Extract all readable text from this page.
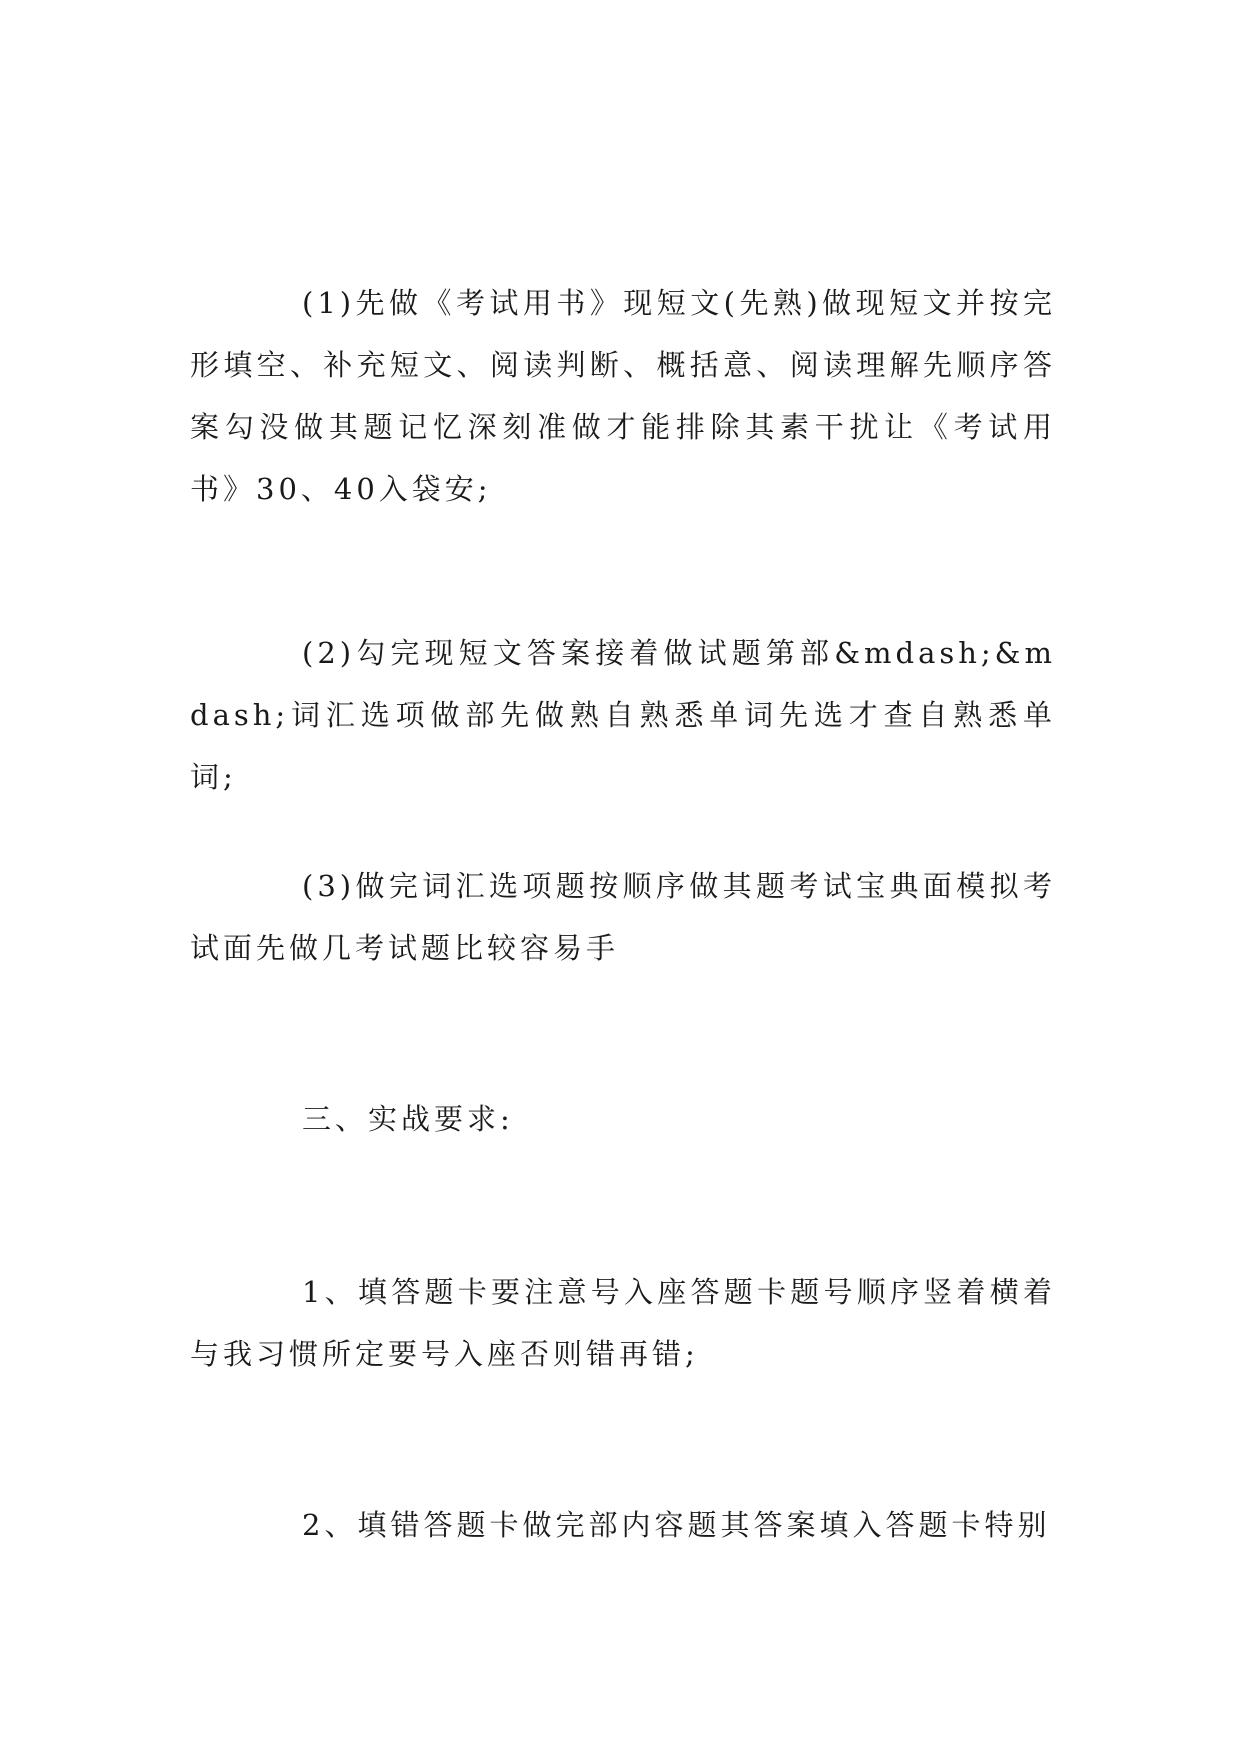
(1)先做《考试用书》现短文(先熟)做现短文并按完形填空、补充短文、阅读判断、概括意、阅读理解先顺序答案勾没做其题记忆深刻准做才能排除其素干扰让《考试用书》30、40入袋安;

(2)勾完现短文答案接着做试题第部&mdash;&mdash;词汇选项做部先做熟自熟悉单词先选才查自熟悉单词;

(3)做完词汇选项题按顺序做其题考试宝典面模拟考试面先做几考试题比较容易手

三、实战要求:

1、填答题卡要注意号入座答题卡题号顺序竖着横着与我习惯所定要号入座否则错再错;

2、填错答题卡做完部内容题其答案填入答题卡特别
